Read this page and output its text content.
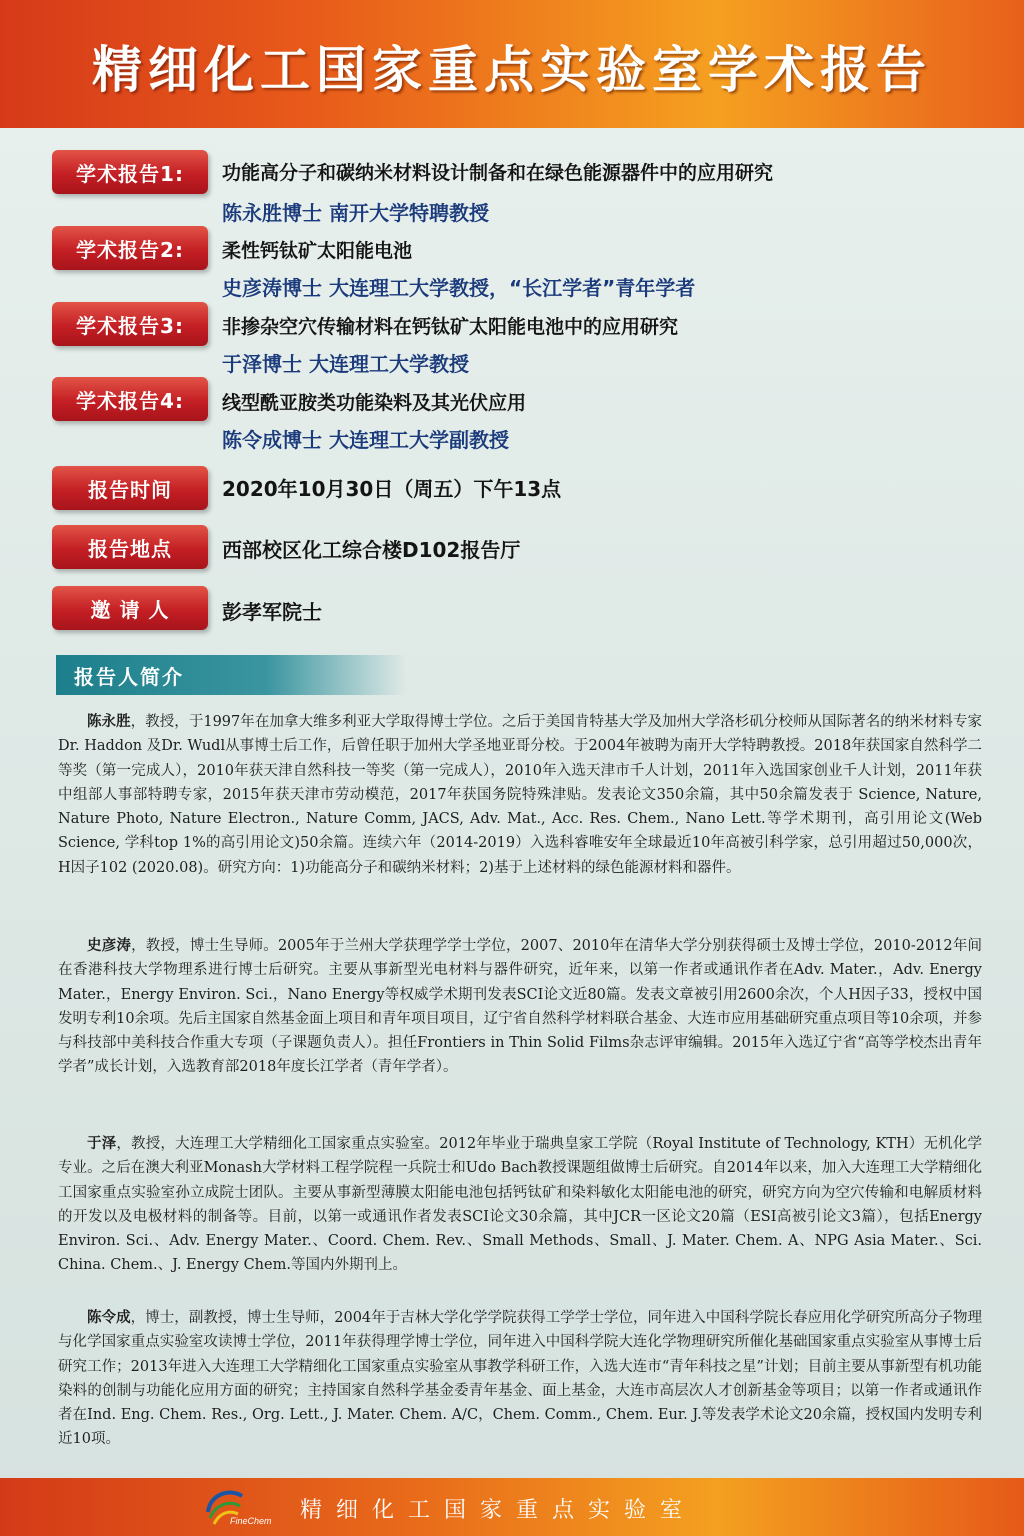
精细化工国家重点实验室学术报告
学术报告1:	功能高分子和碳纳米材料设计制备和在绿色能源器件中的应用研究
陈永胜博士 南开大学特聘教授
学术报告2:	柔性钙钛矿太阳能电池
史彦涛博士 大连理工大学教授，“长江学者”青年学者
学术报告3:	非掺杂空穴传输材料在钙钛矿太阳能电池中的应用研究
于泽博士 大连理工大学教授
学术报告4:	线型酰亚胺类功能染料及其光伏应用
陈令成博士 大连理工大学副教授
报告时间	2020年10月30日（周五）下午13点
报告地点	西部校区化工综合楼D102报告厅
邀 请 人	彭孝军院士
报告人简介

陈永胜，教授，于1997年在加拿大维多利亚大学取得博士学位。之后于美国肯特基大学及加州大学洛杉矶分校师从国际著名的纳米材料专家Dr. Haddon 及Dr. Wudl从事博士后工作，后曾任职于加州大学圣地亚哥分校。于2004年被聘为南开大学特聘教授。2018年获国家自然科学二等奖（第一完成人），2010年获天津自然科技一等奖（第一完成人），2010年入选天津市千人计划，2011年入选国家创业千人计划，2011年获中组部人事部特聘专家，2015年获天津市劳动模范，2017年获国务院特殊津贴。发表论文350余篇，其中50余篇发表于 Science, Nature, Nature Photo, Nature Electron., Nature Comm, JACS, Adv. Mat., Acc. Res. Chem., Nano Lett.等学术期刊，高引用论文(Web Science, 学科top 1%的高引用论文)50余篇。连续六年（2014-2019）入选科睿唯安年全球最近10年高被引科学家，总引用超过50,000次，H因子102 (2020.08)。研究方向：1)功能高分子和碳纳米材料；2)基于上述材料的绿色能源材料和器件。

史彦涛，教授，博士生导师。2005年于兰州大学获理学学士学位，2007、2010年在清华大学分别获得硕士及博士学位，2010-2012年间在香港科技大学物理系进行博士后研究。主要从事新型光电材料与器件研究，近年来，以第一作者或通讯作者在Adv. Mater.，Adv. Energy Mater.，Energy Environ. Sci.，Nano Energy等权威学术期刊发表SCI论文近80篇。发表文章被引用2600余次，个人H因子33，授权中国发明专利10余项。先后主国家自然基金面上项目和青年项目项目，辽宁省自然科学材料联合基金、大连市应用基础研究重点项目等10余项，并参与科技部中美科技合作重大专项（子课题负责人）。担任Frontiers in Thin Solid Films杂志评审编辑。2015年入选辽宁省“高等学校杰出青年学者”成长计划，入选教育部2018年度长江学者（青年学者）。

于泽，教授，大连理工大学精细化工国家重点实验室。2012年毕业于瑞典皇家工学院（Royal Institute of Technology, KTH）无机化学专业。之后在澳大利亚Monash大学材料工程学院程一兵院士和Udo Bach教授课题组做博士后研究。自2014年以来，加入大连理工大学精细化工国家重点实验室孙立成院士团队。主要从事新型薄膜太阳能电池包括钙钛矿和染料敏化太阳能电池的研究，研究方向为空穴传输和电解质材料的开发以及电极材料的制备等。目前，以第一或通讯作者发表SCI论文30余篇，其中JCR一区论文20篇（ESI高被引论文3篇），包括Energy Environ. Sci.、Adv. Energy Mater.、Coord. Chem. Rev.、Small Methods、Small、J. Mater. Chem. A、NPG Asia Mater.、Sci. China. Chem.、J. Energy Chem.等国内外期刊上。

陈令成，博士，副教授，博士生导师，2004年于吉林大学化学学院获得工学学士学位，同年进入中国科学院长春应用化学研究所高分子物理与化学国家重点实验室攻读博士学位，2011年获得理学博士学位，同年进入中国科学院大连化学物理研究所催化基础国家重点实验室从事博士后研究工作；2013年进入大连理工大学精细化工国家重点实验室从事教学科研工作，入选大连市“青年科技之星”计划；目前主要从事新型有机功能染料的创制与功能化应用方面的研究；主持国家自然科学基金委青年基金、面上基金，大连市高层次人才创新基金等项目；以第一作者或通讯作者在Ind. Eng. Chem. Res., Org. Lett., J. Mater. Chem. A/C，Chem. Comm., Chem. Eur. J.等发表学术论文20余篇，授权国内发明专利近10项。

FineChem 精细化工国家重点实验室
